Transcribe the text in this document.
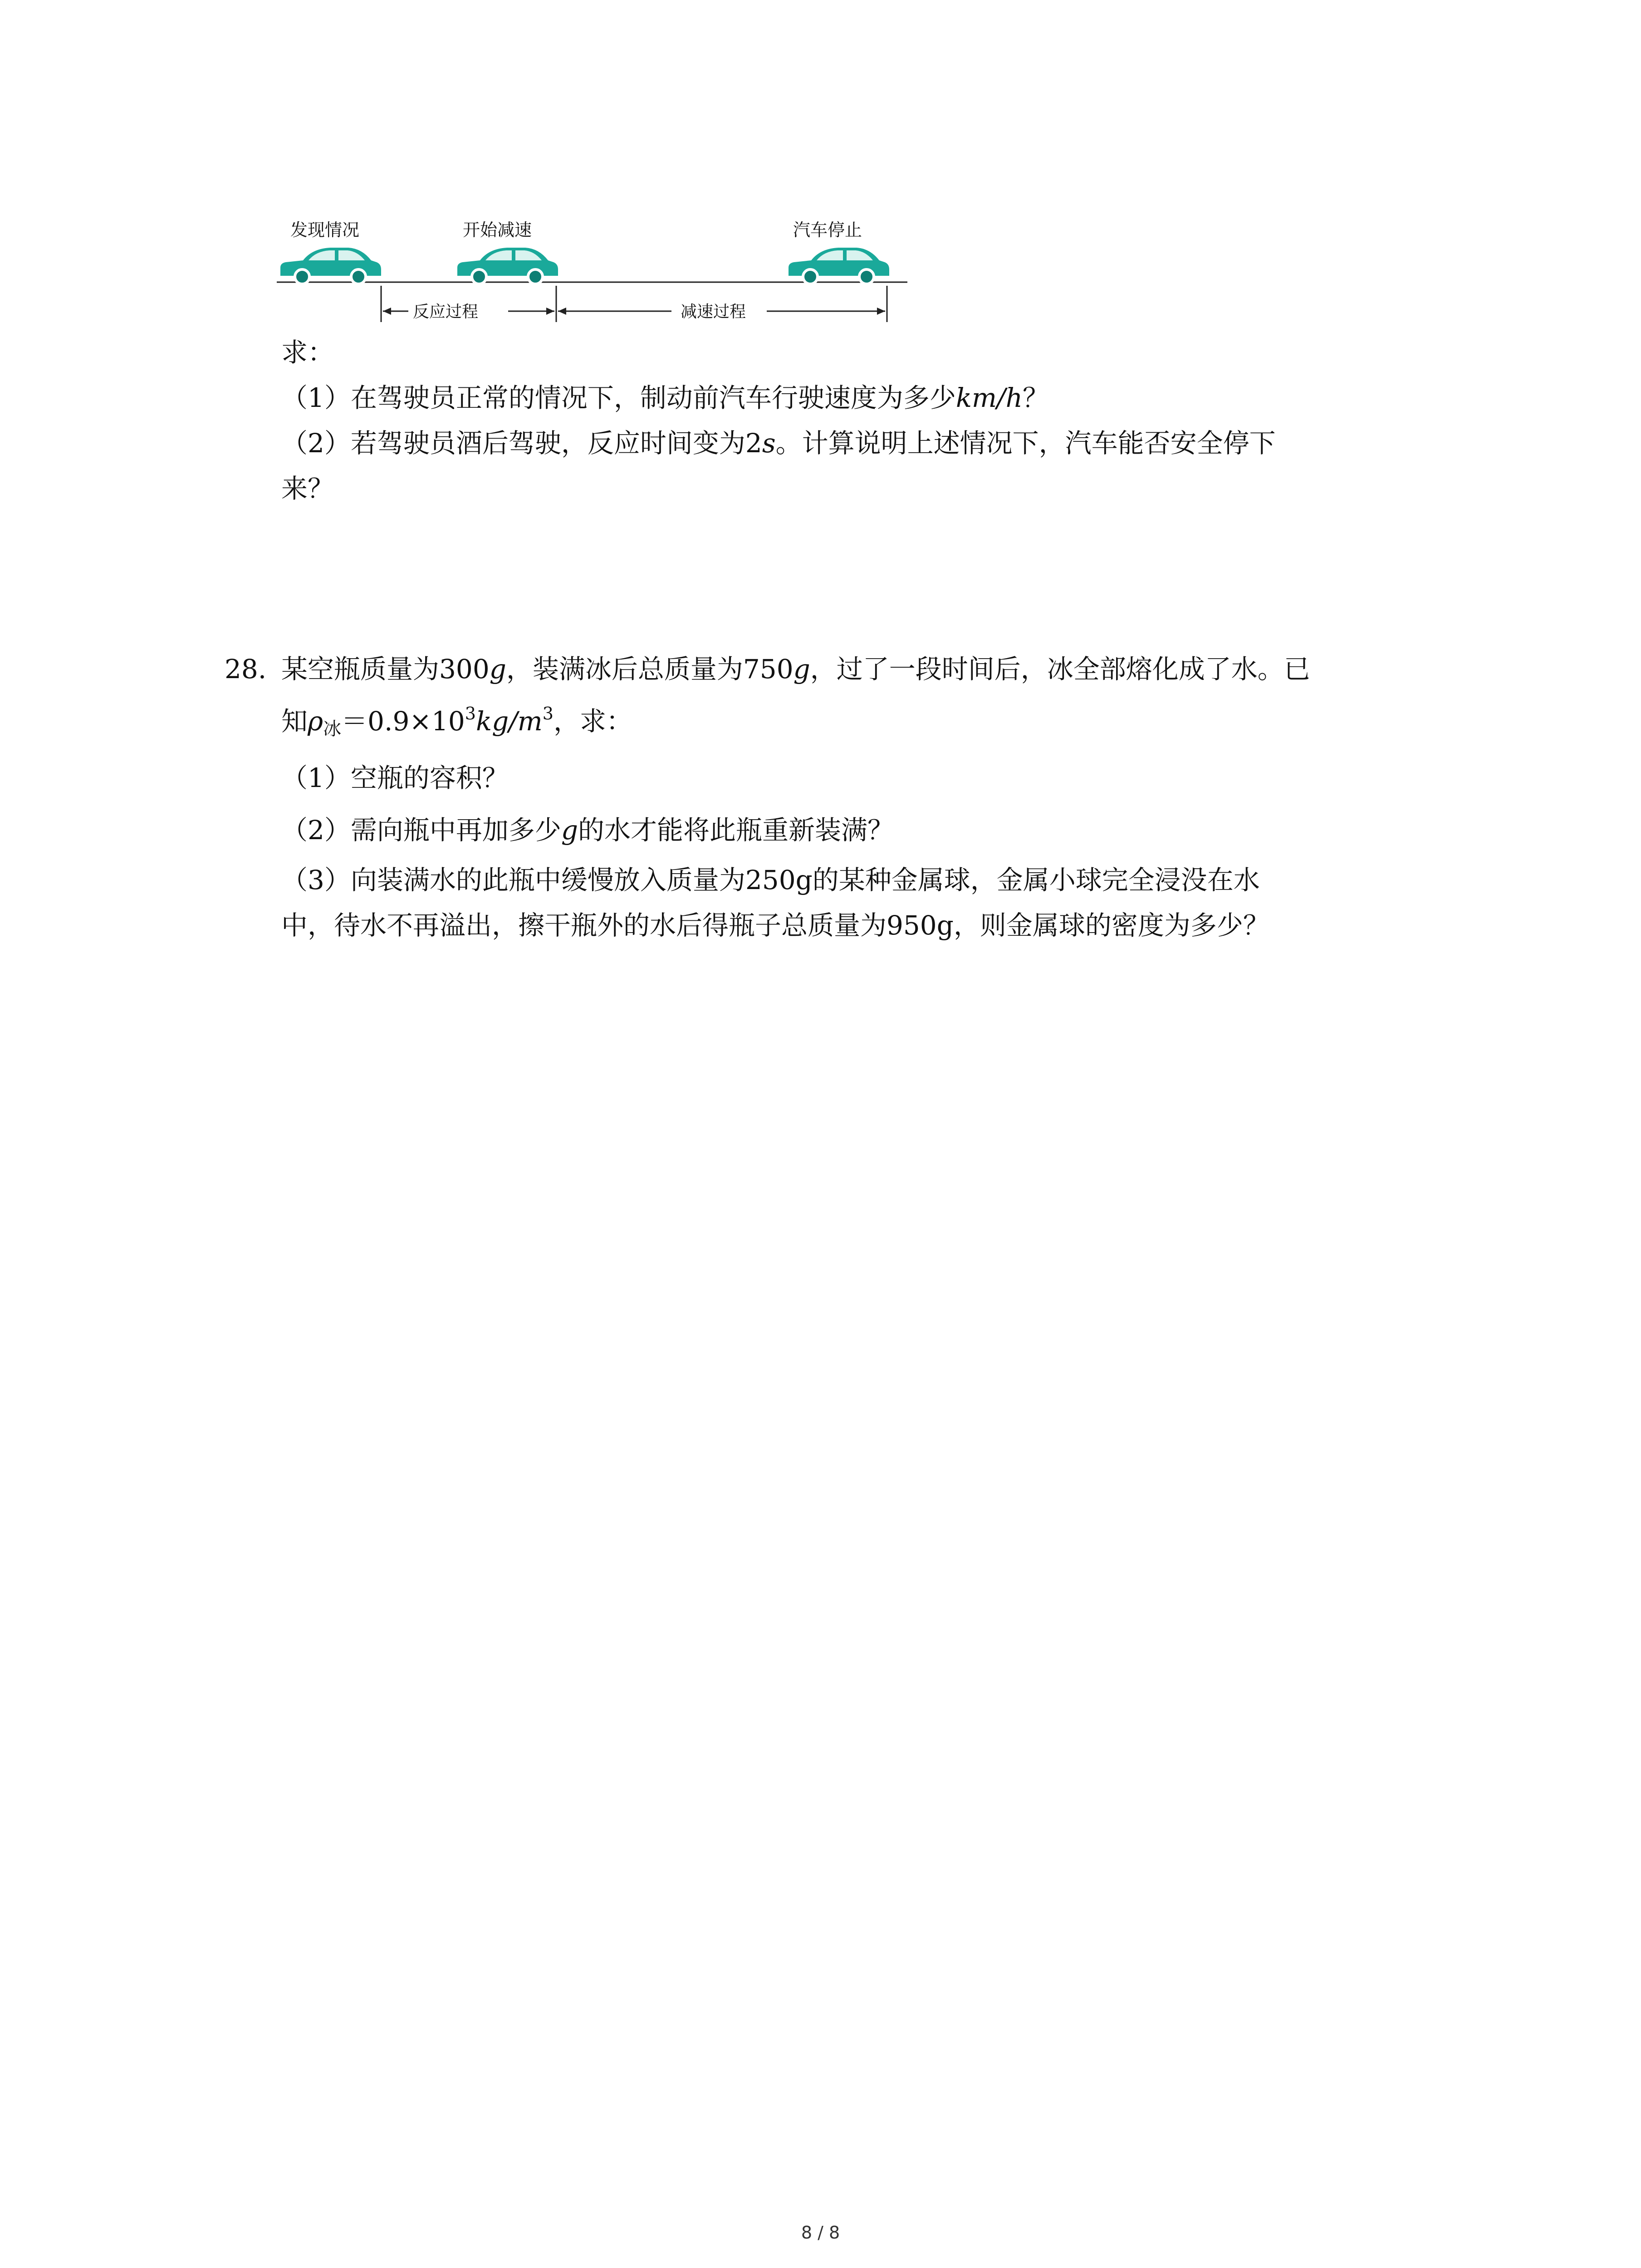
发现情况	开始减速	汽车停止
反应过程	减速过程
求：
（1）在驾驶员正常的情况下，制动前汽车行驶速度为多少km/h？
（2）若驾驶员酒后驾驶，反应时间变为2s。计算说明上述情况下，汽车能否安全停下
来？
28. 某空瓶质量为300g，装满冰后总质量为750g，过了一段时间后，冰全部熔化成了水。已
知ρ冰$=0.9\times 10^3kg/m^3$，求：
（1）空瓶的容积？
（2）需向瓶中再加多少g的水才能将此瓶重新装满？
（3）向装满水的此瓶中缓慢放入质量为250g的某种金属球，金属小球完全浸没在水
中，待水不再溢出，擦干瓶外的水后得瓶子总质量为950g，则金属球的密度为多少？
8 / 8
